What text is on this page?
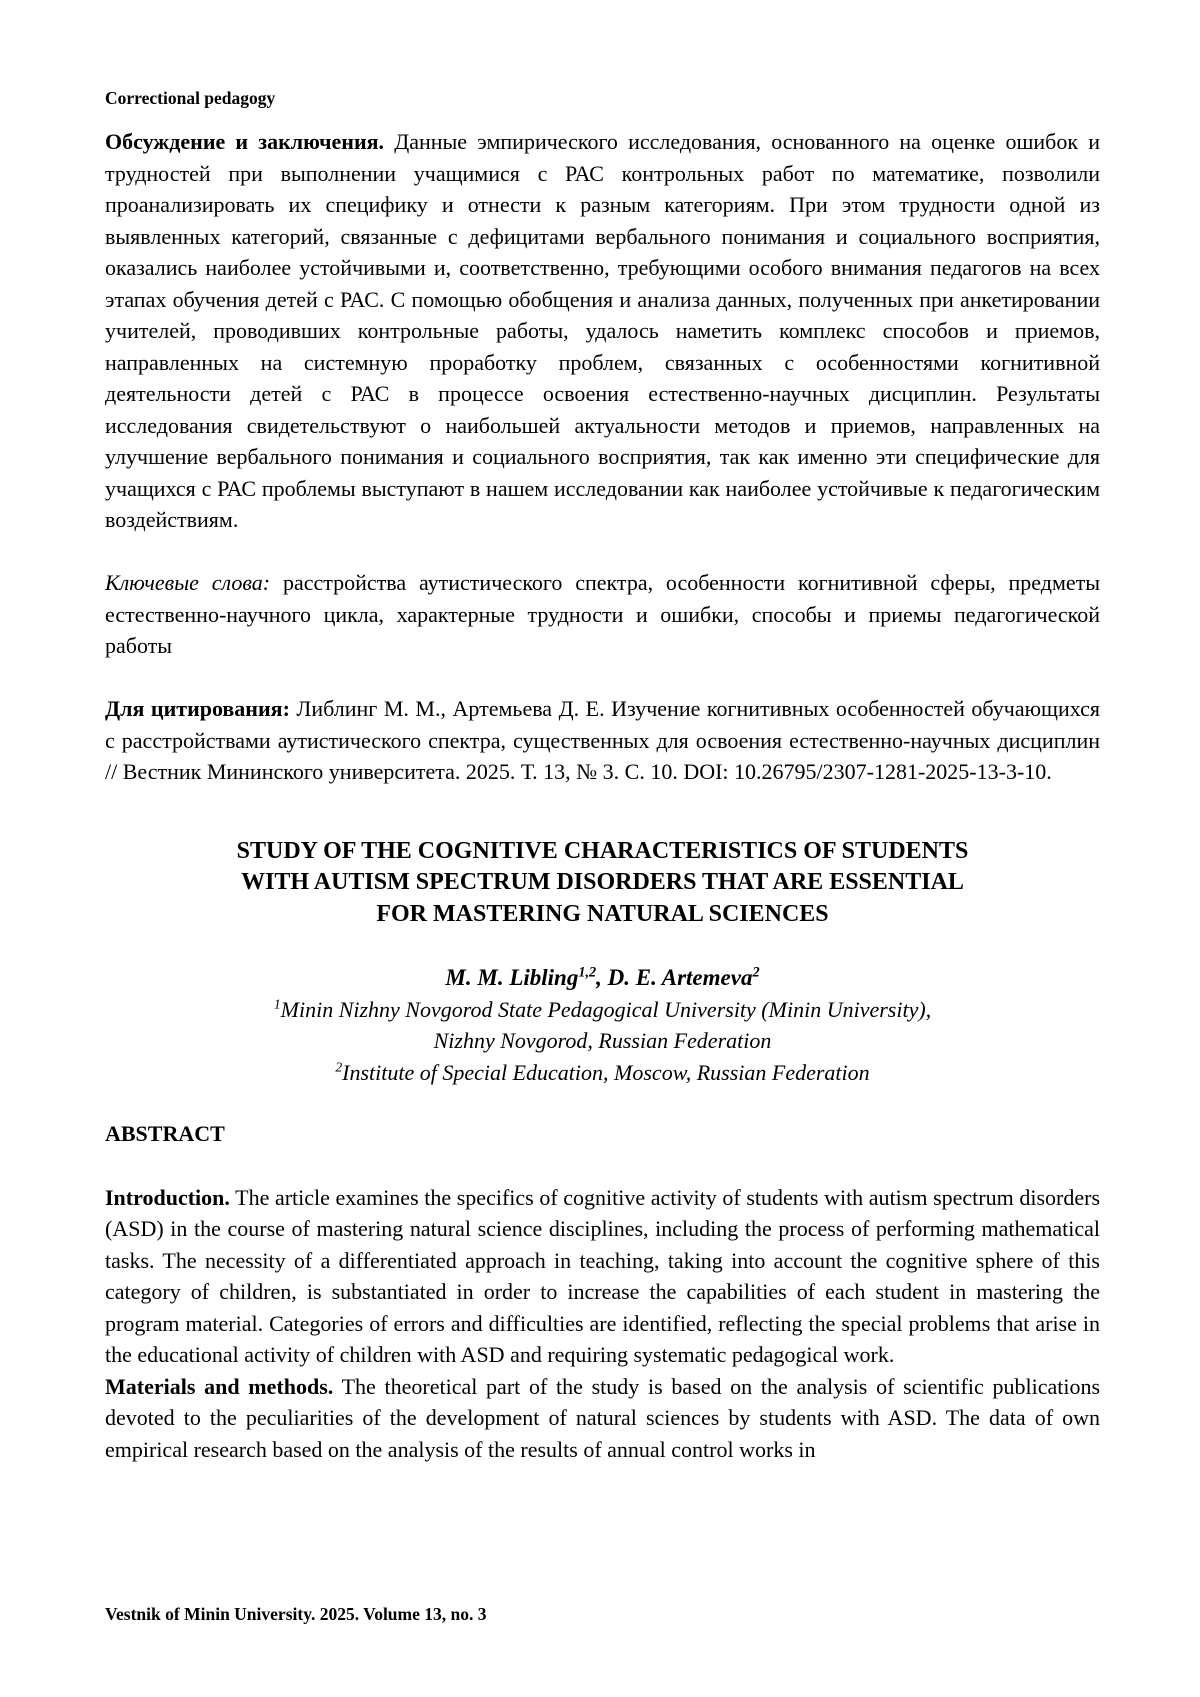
Correctional pedagogy

Обсуждение и заключения. Данные эмпирического исследования, основанного на оценке ошибок и трудностей при выполнении учащимися с РАС контрольных работ по математике, позволили проанализировать их специфику и отнести к разным категориям. При этом трудности одной из выявленных категорий, связанные с дефицитами вербального понимания и социального восприятия, оказались наиболее устойчивыми и, соответственно, требующими особого внимания педагогов на всех этапах обучения детей с РАС. С помощью обобщения и анализа данных, полученных при анкетировании учителей, проводивших контрольные работы, удалось наметить комплекс способов и приемов, направленных на системную проработку проблем, связанных с особенностями когнитивной деятельности детей с РАС в процессе освоения естественно-научных дисциплин. Результаты исследования свидетельствуют о наибольшей актуальности методов и приемов, направленных на улучшение вербального понимания и социального восприятия, так как именно эти специфические для учащихся с РАС проблемы выступают в нашем исследовании как наиболее устойчивые к педагогическим воздействиям.

Ключевые слова: расстройства аутистического спектра, особенности когнитивной сферы, предметы естественно-научного цикла, характерные трудности и ошибки, способы и приемы педагогической работы

Для цитирования: Либлинг М. М., Артемьева Д. Е. Изучение когнитивных особенностей обучающихся с расстройствами аутистического спектра, существенных для освоения естественно-научных дисциплин // Вестник Мининского университета. 2025. Т. 13, № 3. С. 10. DOI: 10.26795/2307-1281-2025-13-3-10.

STUDY OF THE COGNITIVE CHARACTERISTICS OF STUDENTS
WITH AUTISM SPECTRUM DISORDERS THAT ARE ESSENTIAL
FOR MASTERING NATURAL SCIENCES
M. M. Libling$^{1,2}$, D. E. Artemeva$^2$
$^1$Minin Nizhny Novgorod State Pedagogical University (Minin University),
Nizhny Novgorod, Russian Federation
$^2$Institute of Special Education, Moscow, Russian Federation
ABSTRACT

Introduction. The article examines the specifics of cognitive activity of students with autism spectrum disorders (ASD) in the course of mastering natural science disciplines, including the process of performing mathematical tasks. The necessity of a differentiated approach in teaching, taking into account the cognitive sphere of this category of children, is substantiated in order to increase the capabilities of each student in mastering the program material. Categories of errors and difficulties are identified, reflecting the special problems that arise in the educational activity of children with ASD and requiring systematic pedagogical work.

Materials and methods. The theoretical part of the study is based on the analysis of scientific publications devoted to the peculiarities of the development of natural sciences by students with ASD. The data of own empirical research based on the analysis of the results of annual control works in

Vestnik of Minin University. 2025. Volume 13, no. 3
